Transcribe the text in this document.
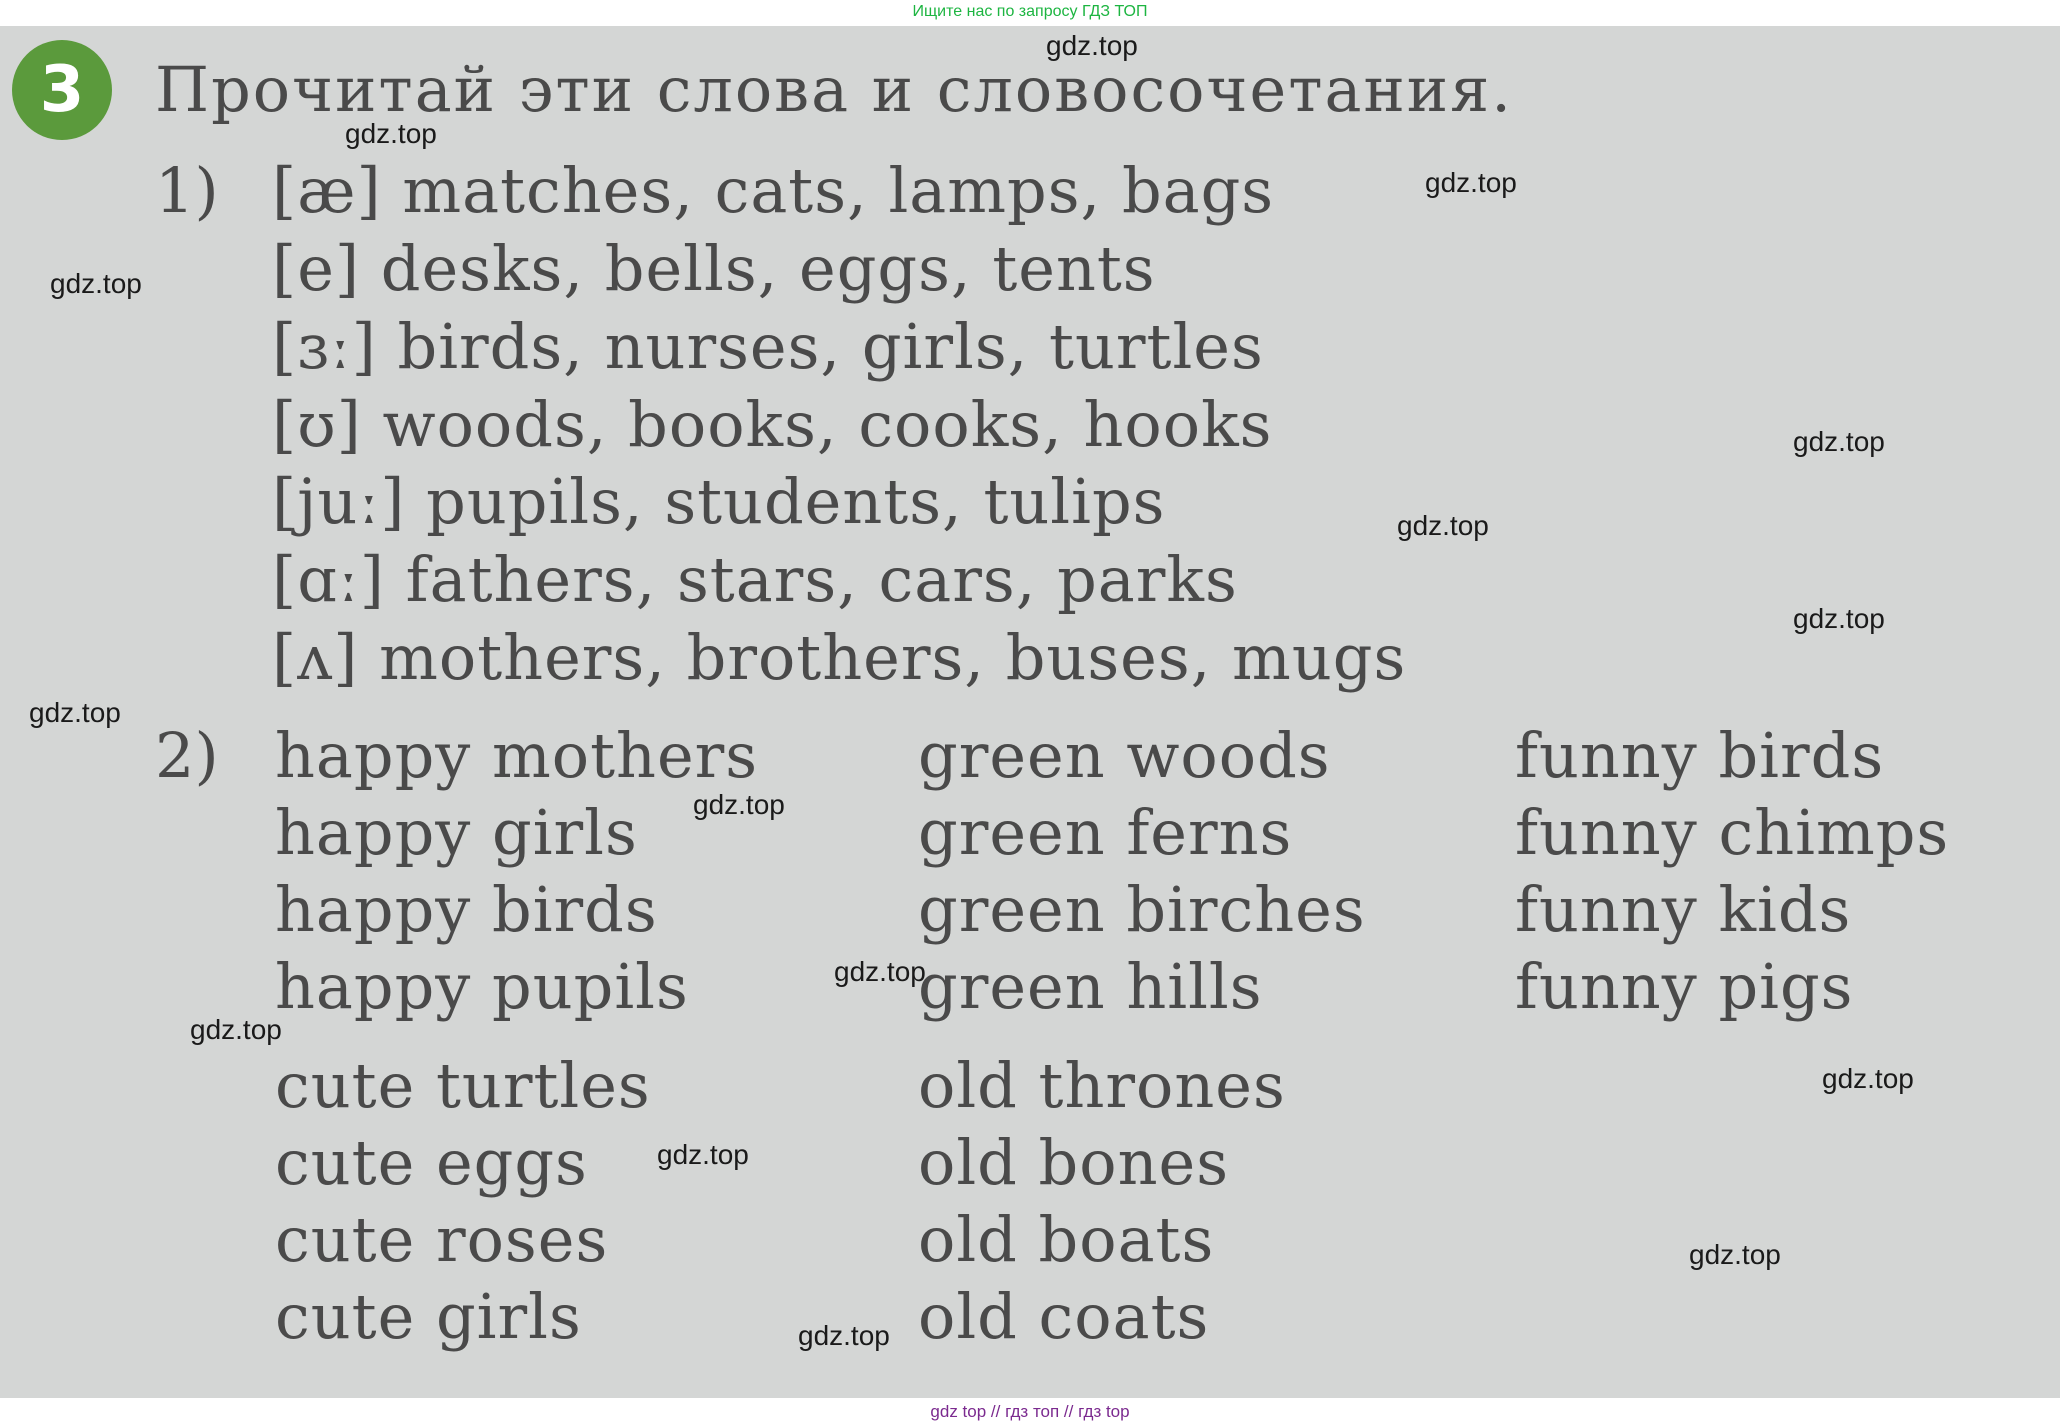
Ищите нас по запросу ГДЗ ТОП
3	Прочитай эти слова и словосочетания.
1) [æ] matches, cats, lamps, bags
[e] desks, bells, eggs, tents
[ɜː] birds, nurses, girls, turtles
[ʊ] woods, books, cooks, hooks
[juː] pupils, students, tulips
[ɑː] fathers, stars, cars, parks
[ʌ] mothers, brothers, buses, mugs
2) happy mothers
happy girls
happy birds
happy pupils
cute turtles
cute eggs
cute roses
cute girls
green woods
green ferns
green birches
green hills
old thrones
old bones
old boats
old coats
funny birds
funny chimps
funny kids
funny pigs
gdz.top
gdz.top
gdz.top
gdz.top
gdz.top
gdz.top
gdz.top
gdz.top
gdz.top
gdz.top
gdz.top
gdz.top
gdz.top
gdz.top
gdz.top
gdz top // гдз топ // гдз top
